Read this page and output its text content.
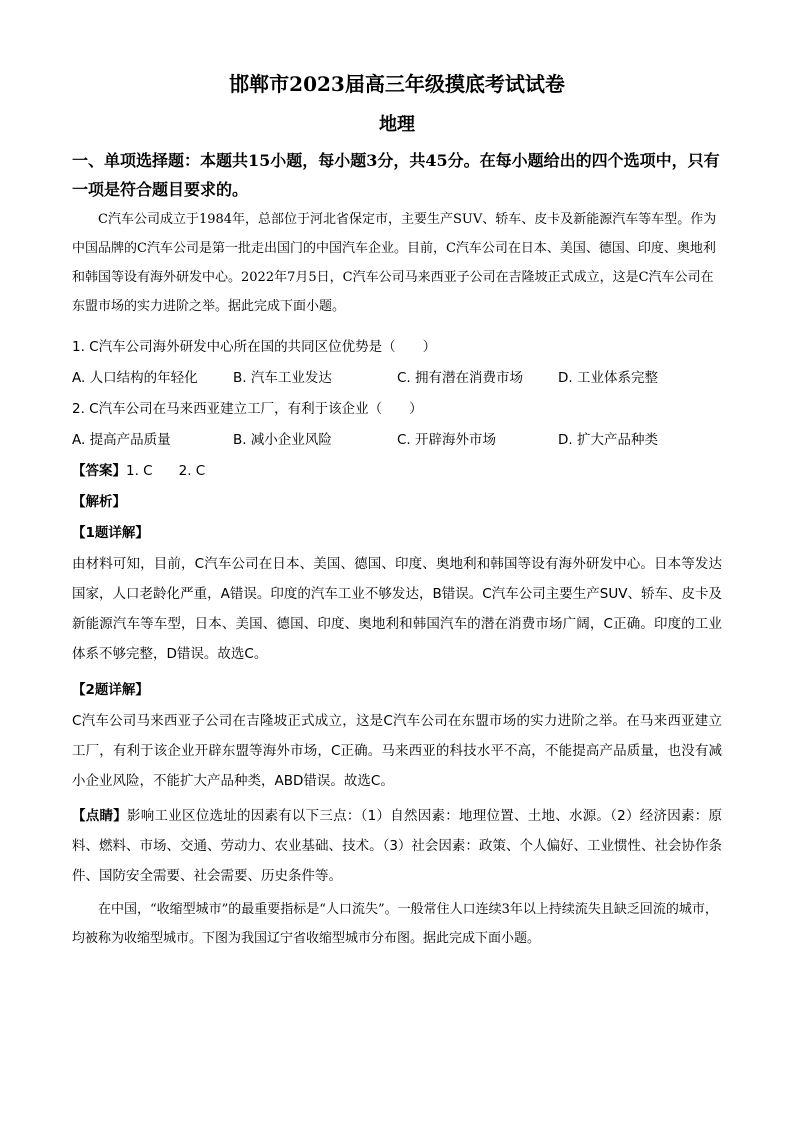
邯郸市2023届高三年级摸底考试试卷
地理
一、单项选择题：本题共15小题，每小题3分，共45分。在每小题给出的四个选项中，只有一项是符合题目要求的。

C汽车公司成立于1984年，总部位于河北省保定市，主要生产SUV、轿车、皮卡及新能源汽车等车型。作为中国品牌的C汽车公司是第一批走出国门的中国汽车企业。目前，C汽车公司在日本、美国、德国、印度、奥地利和韩国等设有海外研发中心。2022年7月5日，C汽车公司马来西亚子公司在吉隆坡正式成立，这是C汽车公司在东盟市场的实力进阶之举。据此完成下面小题。

1. C汽车公司海外研发中心所在国的共同区位优势是（　　）

A. 人口结构的年轻化	B. 汽车工业发达	C. 拥有潜在消费市场	D. 工业体系完整

2. C汽车公司在马来西亚建立工厂，有利于该企业（　　）

A. 提高产品质量	B. 减小企业风险	C. 开辟海外市场	D. 扩大产品种类

【答案】1. C 2. C

【解析】

【1题详解】

由材料可知，目前，C汽车公司在日本、美国、德国、印度、奥地利和韩国等设有海外研发中心。日本等发达国家，人口老龄化严重，A错误。印度的汽车工业不够发达，B错误。C汽车公司主要生产SUV、轿车、皮卡及新能源汽车等车型，日本、美国、德国、印度、奥地利和韩国汽车的潜在消费市场广阔，C正确。印度的工业体系不够完整，D错误。故选C。

【2题详解】

C汽车公司马来西亚子公司在吉隆坡正式成立，这是C汽车公司在东盟市场的实力进阶之举。在马来西亚建立工厂，有利于该企业开辟东盟等海外市场，C正确。马来西亚的科技水平不高，不能提高产品质量，也没有减小企业风险，不能扩大产品种类，ABD错误。故选C。

【点睛】影响工业区位选址的因素有以下三点：（1）自然因素：地理位置、土地、水源。（2）经济因素：原料、燃料、市场、交通、劳动力、农业基础、技术。（3）社会因素：政策、个人偏好、工业惯性、社会协作条件、国防安全需要、社会需要、历史条件等。

在中国，“收缩型城市”的最重要指标是“人口流失”。一般常住人口连续3年以上持续流失且缺乏回流的城市，均被称为收缩型城市。下图为我国辽宁省收缩型城市分布图。据此完成下面小题。
